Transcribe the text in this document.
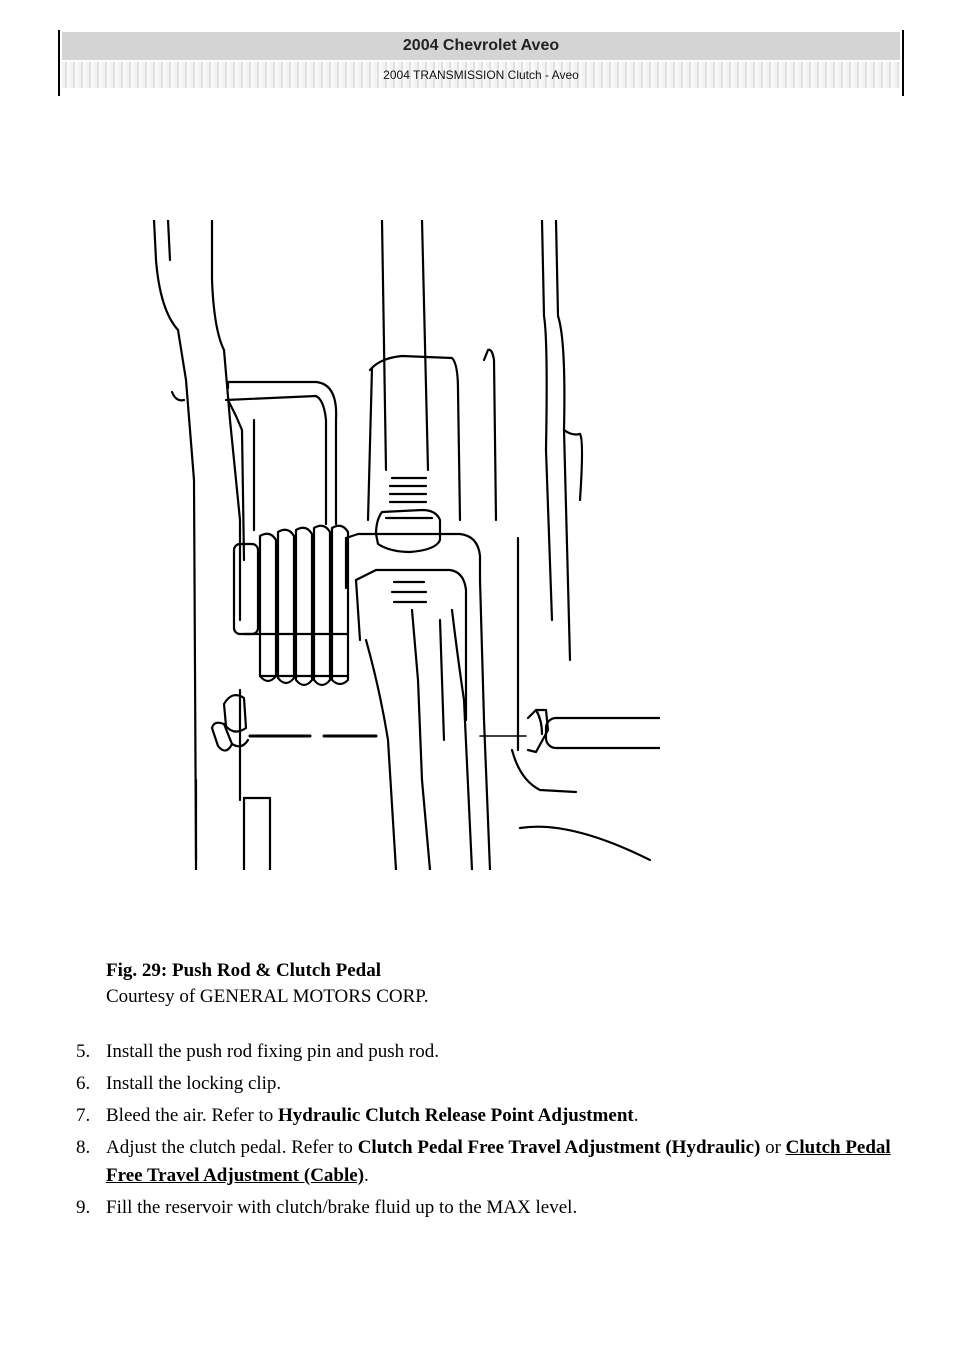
2004 Chevrolet Aveo
2004 TRANSMISSION Clutch - Aveo
Fig. 29: Push Rod & Clutch Pedal
Courtesy of GENERAL MOTORS CORP.
5. Install the push rod fixing pin and push rod.
6. Install the locking clip.
7. Bleed the air. Refer to Hydraulic Clutch Release Point Adjustment.
8. Adjust the clutch pedal. Refer to Clutch Pedal Free Travel Adjustment (Hydraulic) or Clutch Pedal Free Travel Adjustment (Cable).
9. Fill the reservoir with clutch/brake fluid up to the MAX level.
